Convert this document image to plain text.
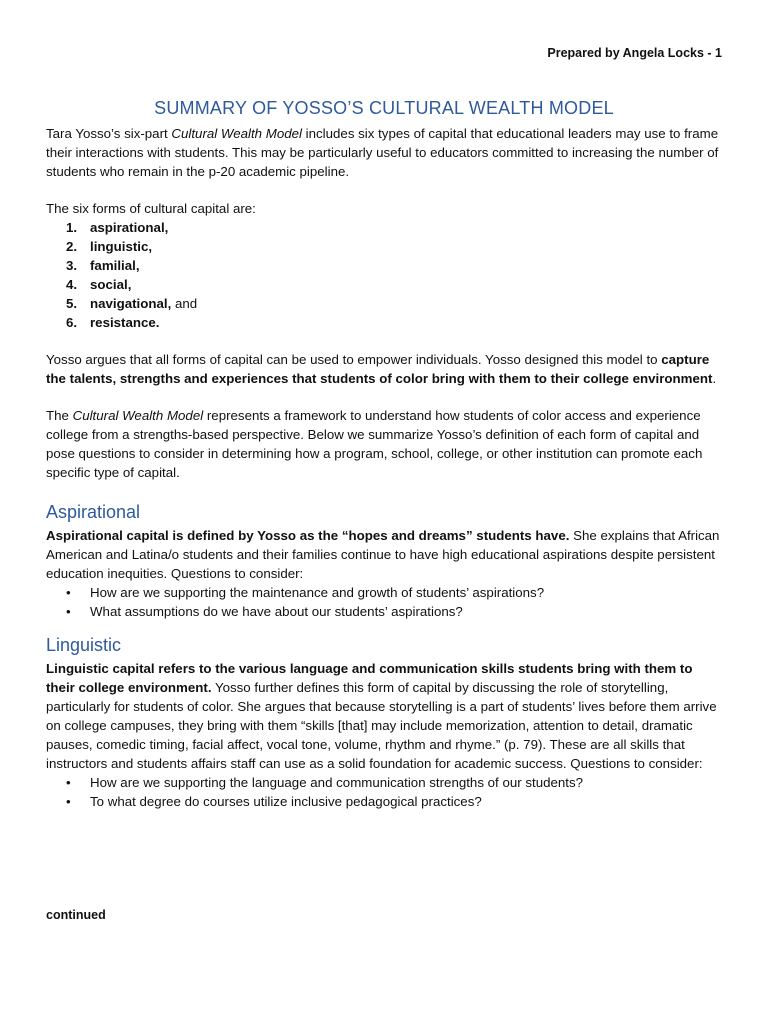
Prepared by Angela Locks - 1
SUMMARY OF YOSSO’S CULTURAL WEALTH MODEL

Tara Yosso’s six-part Cultural Wealth Model includes six types of capital that educational leaders may use to frame their interactions with students. This may be particularly useful to educators committed to increasing the number of students who remain in the p-20 academic pipeline.

The six forms of cultural capital are:

1. aspirational,
2. linguistic,
3. familial,
4. social,
5. navigational, and
6. resistance.

Yosso argues that all forms of capital can be used to empower individuals. Yosso designed this model to capture the talents, strengths and experiences that students of color bring with them to their college environment.

The Cultural Wealth Model represents a framework to understand how students of color access and experience college from a strengths-based perspective. Below we summarize Yosso’s definition of each form of capital and pose questions to consider in determining how a program, school, college, or other institution can promote each specific type of capital.

Aspirational

Aspirational capital is defined by Yosso as the “hopes and dreams” students have. She explains that African American and Latina/o students and their families continue to have high educational aspirations despite persistent education inequities. Questions to consider:

• How are we supporting the maintenance and growth of students’ aspirations?
• What assumptions do we have about our students’ aspirations?
Linguistic

Linguistic capital refers to the various language and communication skills students bring with them to their college environment. Yosso further defines this form of capital by discussing the role of storytelling, particularly for students of color. She argues that because storytelling is a part of students’ lives before them arrive on college campuses, they bring with them “skills [that] may include memorization, attention to detail, dramatic pauses, comedic timing, facial affect, vocal tone, volume, rhythm and rhyme.” (p. 79). These are all skills that instructors and students affairs staff can use as a solid foundation for academic success. Questions to consider:

• How are we supporting the language and communication strengths of our students?
• To what degree do courses utilize inclusive pedagogical practices?
continued
